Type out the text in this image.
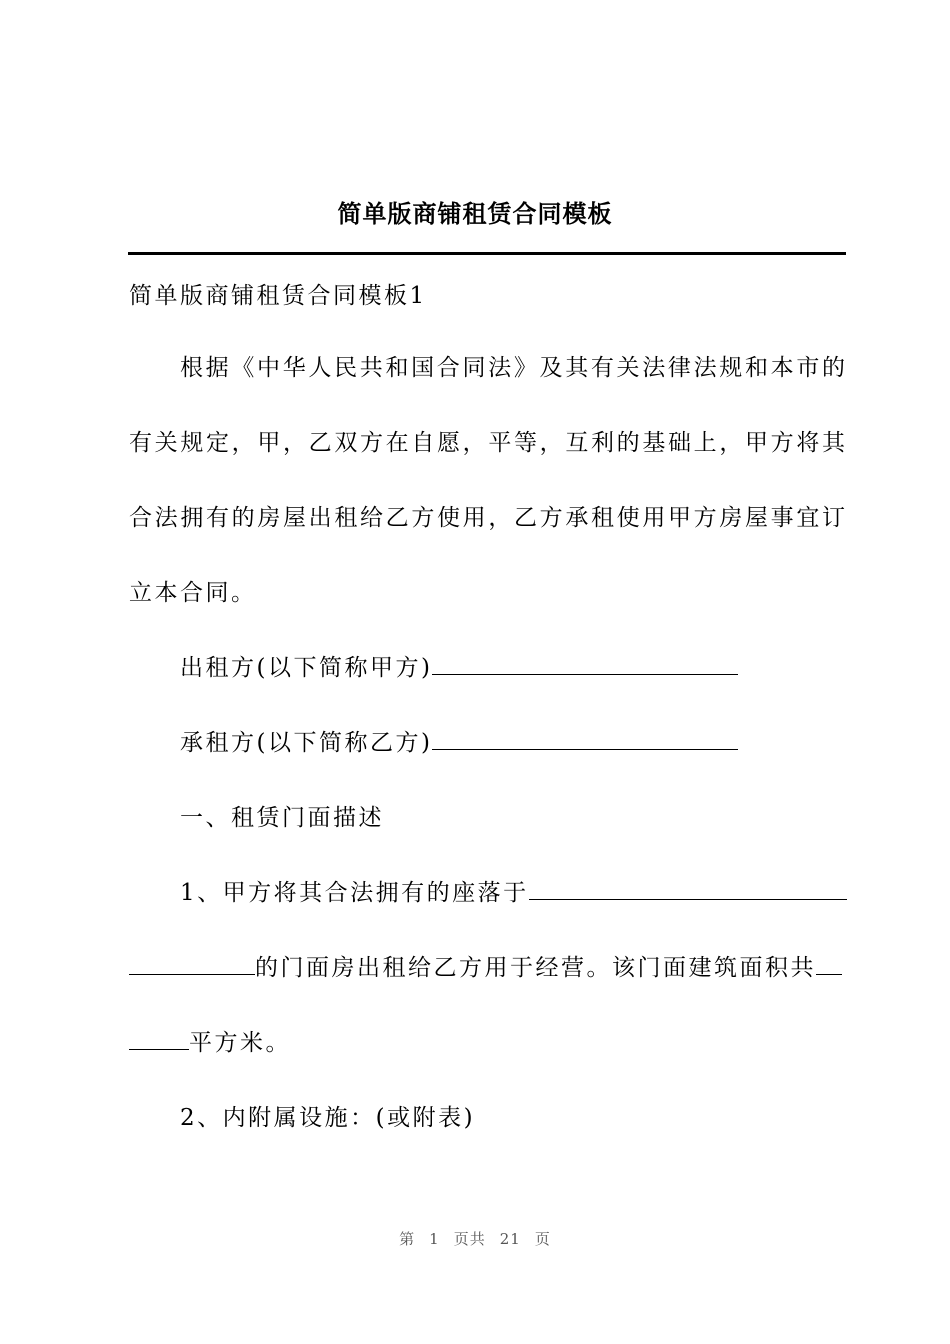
简单版商铺租赁合同模板
简单版商铺租赁合同模板1
根据《中华人民共和国合同法》及其有关法律法规和本市的
有关规定，甲，乙双方在自愿，平等，互利的基础上，甲方将其
合法拥有的房屋出租给乙方使用，乙方承租使用甲方房屋事宜订
立本合同。
出租方(以下简称甲方)
承租方(以下简称乙方)
一、租赁门面描述
1、甲方将其合法拥有的座落于
的门面房出租给乙方用于经营。该门面建筑面积共
平方米。
2、内附属设施：(或附表)
第 1 页共 21 页
